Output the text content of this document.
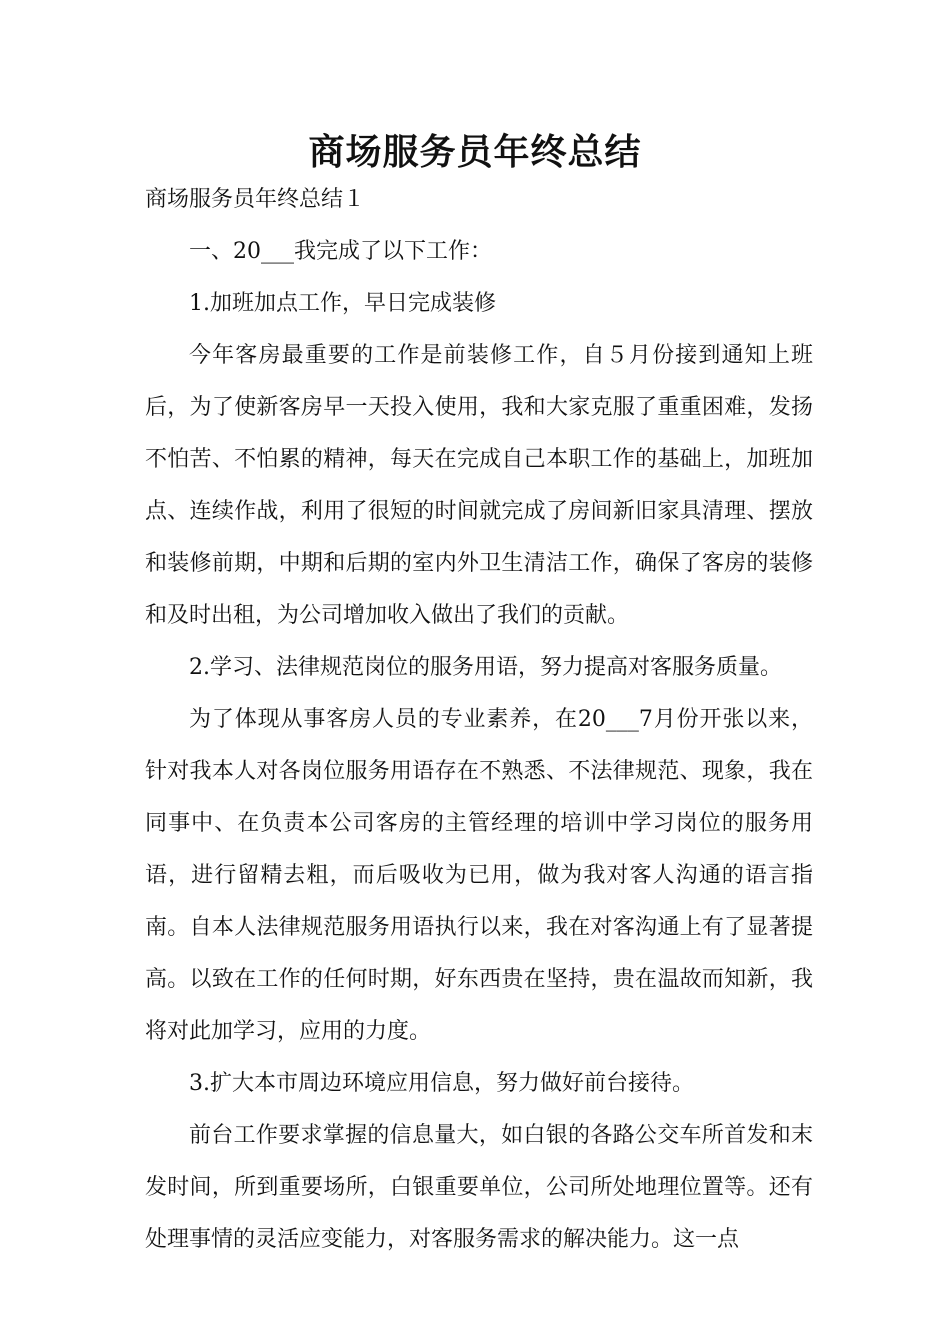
商场服务员年终总结

商场服务员年终总结１

一、20___我完成了以下工作：

1.加班加点工作，早日完成装修

今年客房最重要的工作是前装修工作，自５月份接到通知上班后，为了使新客房早一天投入使用，我和大家克服了重重困难，发扬不怕苦、不怕累的精神，每天在完成自己本职工作的基础上，加班加点、连续作战，利用了很短的时间就完成了房间新旧家具清理、摆放和装修前期，中期和后期的室内外卫生清洁工作，确保了客房的装修和及时出租，为公司增加收入做出了我们的贡献。

2.学习、法律规范岗位的服务用语，努力提高对客服务质量。

为了体现从事客房人员的专业素养，在20___7月份开张以来，针对我本人对各岗位服务用语存在不熟悉、不法律规范、现象，我在同事中、在负责本公司客房的主管经理的培训中学习岗位的服务用语，进行留精去粗，而后吸收为已用，做为我对客人沟通的语言指南。自本人法律规范服务用语执行以来，我在对客沟通上有了显著提高。以致在工作的任何时期，好东西贵在坚持，贵在温故而知新，我将对此加学习，应用的力度。

3.扩大本市周边环境应用信息，努力做好前台接待。

前台工作要求掌握的信息量大，如白银的各路公交车所首发和末发时间，所到重要场所，白银重要单位，公司所处地理位置等。还有处理事情的灵活应变能力，对客服务需求的解决能力。这一点
